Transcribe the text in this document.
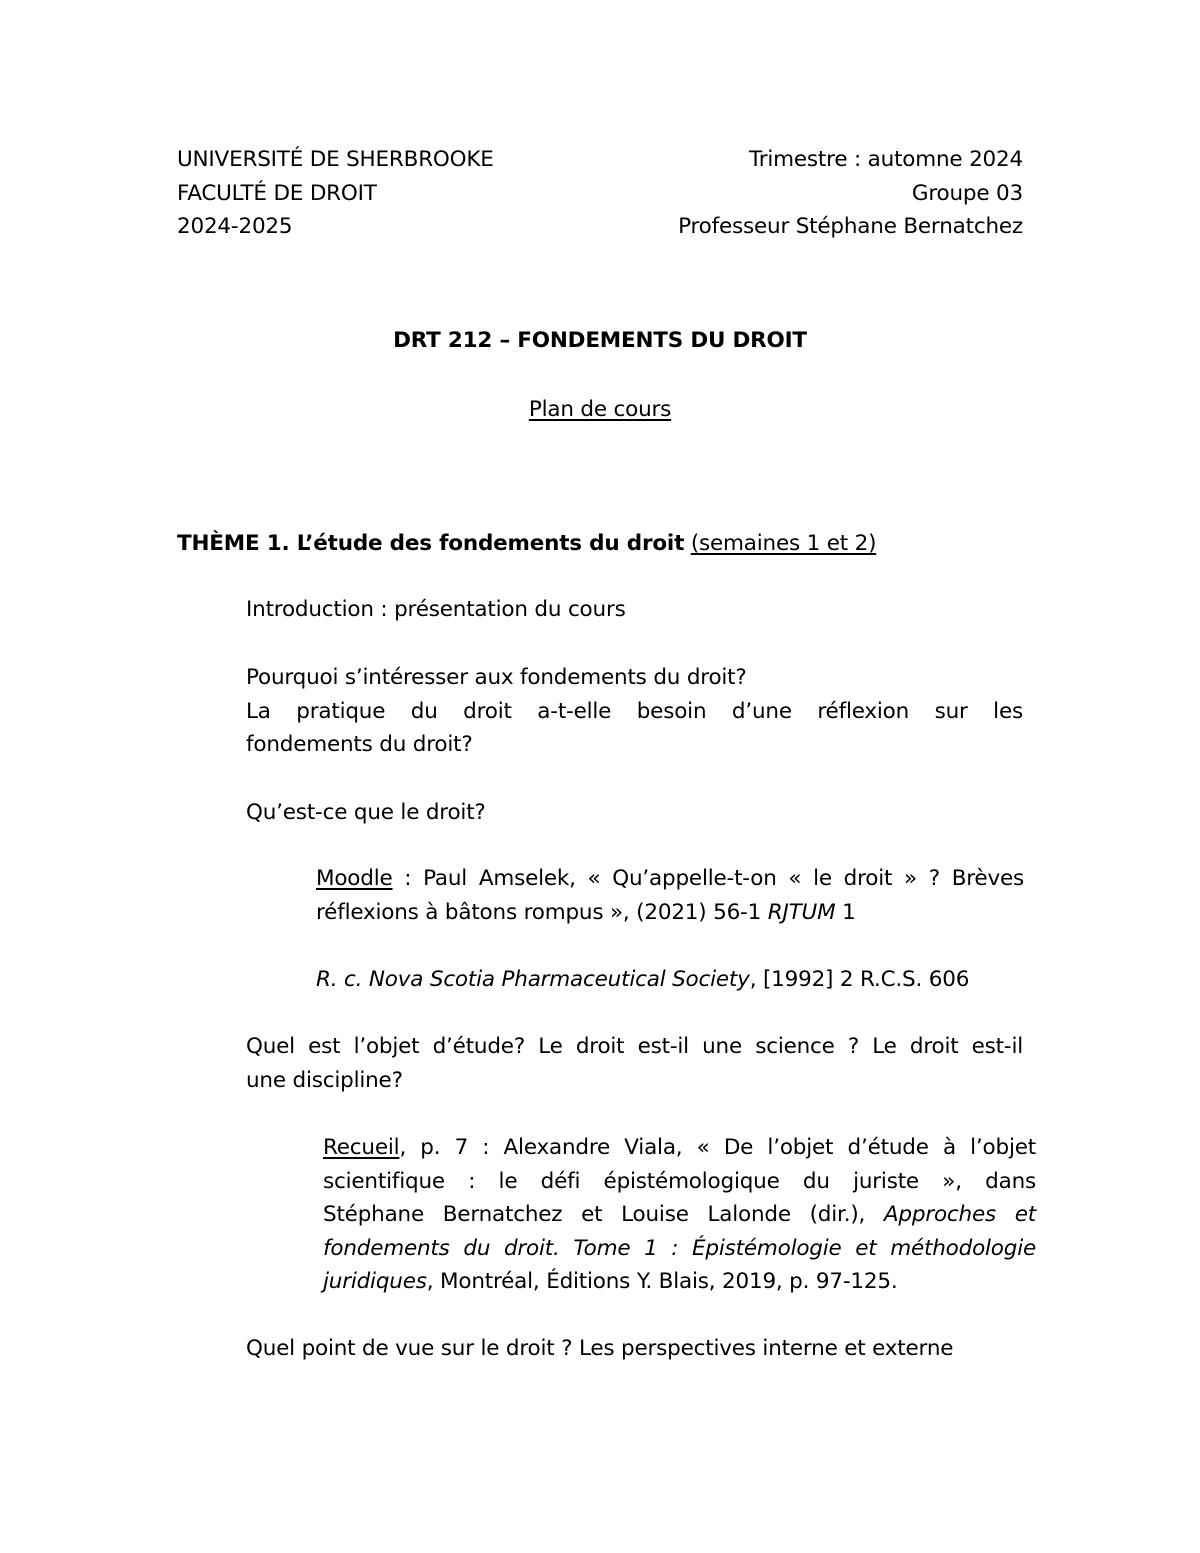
UNIVERSITÉ DE SHERBROOKE
FACULTÉ DE DROIT
2024-2025
Trimestre : automne 2024
Groupe 03
Professeur Stéphane Bernatchez
DRT 212 – FONDEMENTS DU DROIT
Plan de cours
THÈME 1. L’étude des fondements du droit (semaines 1 et 2)
Introduction : présentation du cours
Pourquoi s’intéresser aux fondements du droit?
La pratique du droit a-t-elle besoin d’une réflexion sur les
fondements du droit?
Qu’est-ce que le droit?
Moodle : Paul Amselek, « Qu’appelle-t-on « le droit » ? Brèves
réflexions à bâtons rompus », (2021) 56-1 RJTUM 1
R. c. Nova Scotia Pharmaceutical Society, [1992] 2 R.C.S. 606
Quel est l’objet d’étude? Le droit est-il une science ? Le droit est-il
une discipline?
Recueil, p. 7 : Alexandre Viala, « De l’objet d’étude à l’objet
scientifique : le défi épistémologique du juriste », dans
Stéphane Bernatchez et Louise Lalonde (dir.), Approches et
fondements du droit. Tome 1 : Épistémologie et méthodologie
juridiques, Montréal, Éditions Y. Blais, 2019, p. 97-125.
Quel point de vue sur le droit ? Les perspectives interne et externe
